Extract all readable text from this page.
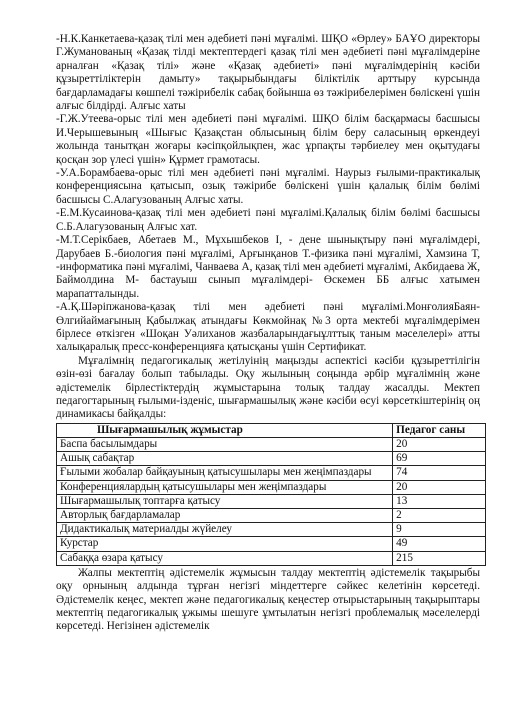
-Н.К.Канкетаева-қазақ тілі мен әдебиеті пәні мұғалімі. ШҚО «Өрлеу» БАҰО директоры Г.Жуманованың «Қазақ тілді мектептердегі қазақ тілі мен әдебиеті пәні мұғалімдеріне арналған «Қазақ тілі» және «Қазақ әдебиеті» пәні мұғалімдерінің кәсіби құзыреттіліктерін дамыту» тақырыбындағы біліктілік арттыру курсында бағдарламадағы көшпелі тәжірибелік сабақ бойынша өз тәжірибелерімен бөліскені үшін алғыс білдірді. Алғыс хаты

-Г.Ж.Утеева-орыс тілі мен әдебиеті пәні мұғалімі. ШҚО білім басқармасы басшысы И.Черышевының «Шығыс Қазақстан облысының білім беру саласының өркендеуі жолында танытқан жоғары кәсіпқойлықпен, жас ұрпақты тәрбиелеу мен оқытудағы қосқан зор үлесі үшін» Құрмет грамотасы.

-У.А.Борамбаева-орыс тілі мен әдебиеті пәні мұғалімі. Наурыз ғылыми-практикалық конференциясына қатысып, озық тәжірибе бөліскені үшін қалалық білім бөлімі басшысы С.Алагузованың Алғыс хаты.

-Е.М.Кусаинова-қазақ тілі мен әдебиеті пәні мұғалімі.Қалалық білім бөлімі басшысы С.Б.Алагузованың Алғыс хат.

-М.Т.Серікбаев, Абетаев М., Мұхышбеков І, - дене шынықтыру пәні мұғалімдері, Дарубаев Б.-биология пәні мұғалімі, Арғынқанов Т.-физика пәні мұғалімі, Хамзина Т, -информатика пәні мұғалімі, Чанваева А, қазақ тілі мен әдебиеті мұғалімі, Акбидаева Ж, Баймолдина М- бастауыш сынып мұғалімдері- Өскемен ББ алғыс хатымен марапатталынды.

-А.Қ.Шәріпжанова-қазақ тілі мен әдебиеті пәні мұғалімі.МонғолияБаян-Өлгийаймағының Қабылжақ атындағы Көкмойнақ №3 орта мектебі мұғалімдерімен бірлесе өткізген «Шоқан Уәлиханов жазбаларындағыұлттық таным мәселелері» атты халықаралық пресс-конференцияға қатысқаны үшін Сертификат.

Мұғалімнің педагогикалық жетілуінің маңызды аспектісі кәсіби құзыреттілігін өзін-өзі бағалау болып табылады. Оқу жылының соңында әрбір мұғалімнің және әдістемелік бірлестіктердің жұмыстарына толық талдау жасалды. Мектеп педагогтарының ғылыми-ізденіс, шығармашылық және кәсіби өсуі көрсеткіштерінің оң динамикасы байқалды:

Шығармашылық жұмыстар	Педагог саны
Баспа басылымдары	20
Ашық сабақтар	69
Ғылыми жобалар байқауының қатысушылары мен жеңімпаздары	74
Конференциялардың қатысушылары мен жеңімпаздары	20
Шығармашылық топтарға қатысу	13
Авторлық бағдарламалар	2
Дидактикалық материалды жүйелеу	9
Курстар	49
Сабаққа өзара қатысу	215

Жалпы мектептің әдістемелік жұмысын талдау мектептің әдістемелік тақырыбы оқу орнының алдында тұрған негізгі міндеттерге сәйкес келетінін көрсетеді. Әдістемелік кеңес, мектеп және педагогикалық кеңестер отырыстарының тақырыптары мектептің педагогикалық ұжымы шешуге ұмтылатын негізгі проблемалық мәселелерді көрсетеді. Негізінен әдістемелік
